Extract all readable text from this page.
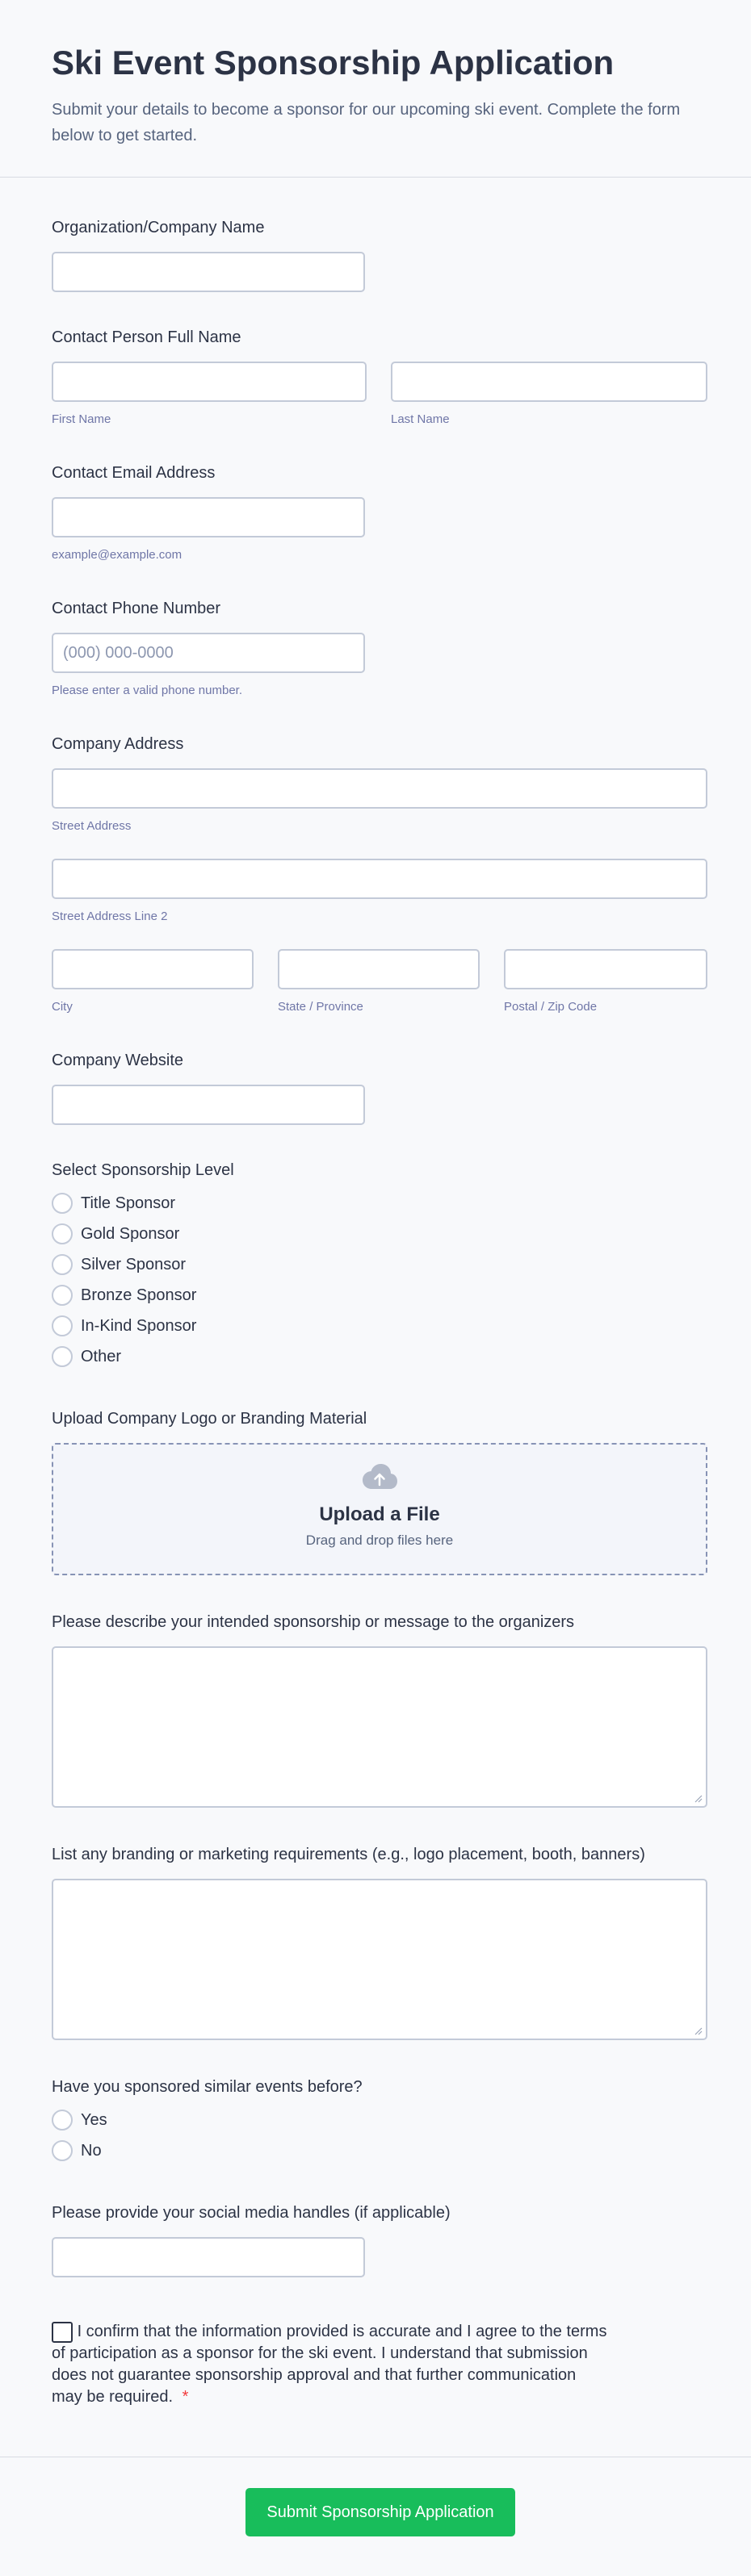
Ski Event Sponsorship Application
Submit your details to become a sponsor for our upcoming ski event. Complete the form below to get started.
Organization/Company Name
Contact Person Full Name
First Name	Last Name
Contact Email Address
example@example.com
Contact Phone Number
(000) 000-0000
Please enter a valid phone number.
Company Address
Street Address
Street Address Line 2
City	State / Province	Postal / Zip Code
Company Website
Select Sponsorship Level
Title Sponsor
Gold Sponsor
Silver Sponsor
Bronze Sponsor
In-Kind Sponsor
Other
Upload Company Logo or Branding Material
Upload a File
Drag and drop files here
Please describe your intended sponsorship or message to the organizers
List any branding or marketing requirements (e.g., logo placement, booth, banners)
Have you sponsored similar events before?
Yes
No
Please provide your social media handles (if applicable)
I confirm that the information provided is accurate and I agree to the terms of participation as a sponsor for the ski event. I understand that submission does not guarantee sponsorship approval and that further communication may be required. *
Submit Sponsorship Application
